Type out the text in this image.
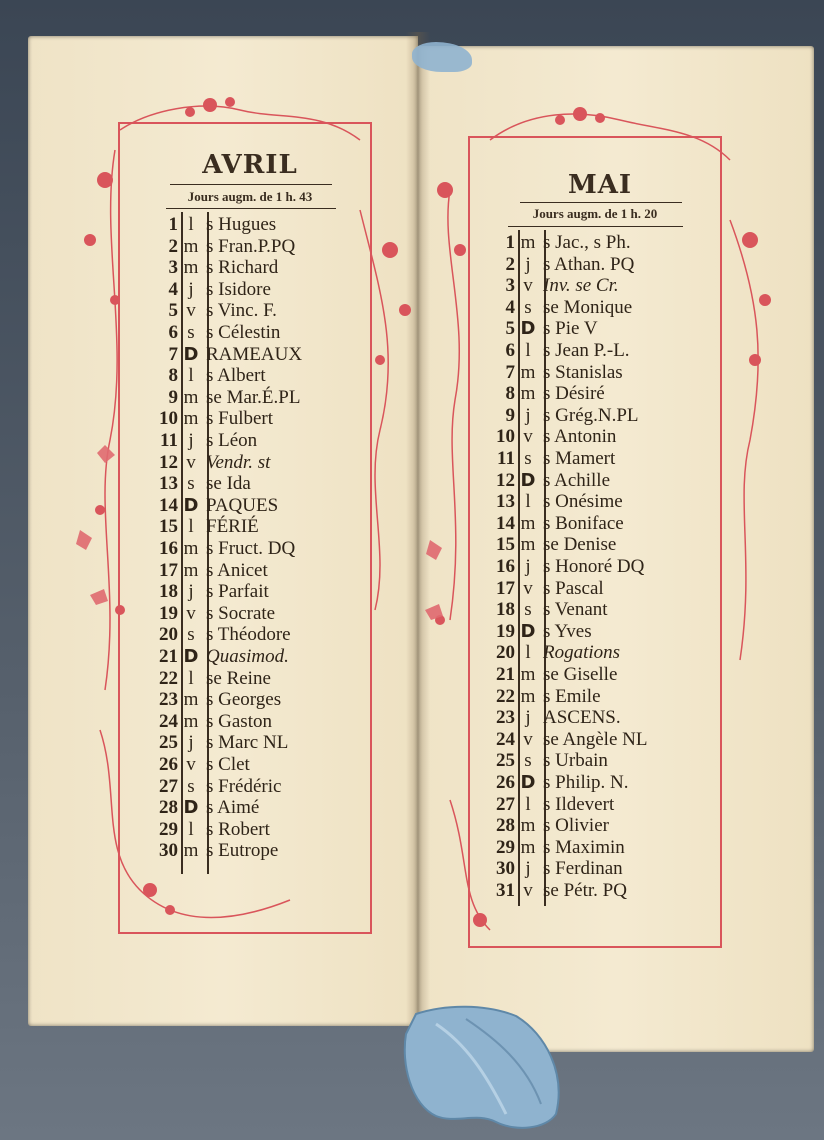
AVRIL
Jours augm. de 1 h. 43	MAI
Jours augm. de 1 h. 20
1 l s Hugues
2 m s Fran.P.PQ
3 m s Richard
4 j s Isidore
5 v s Vinc. F.
6 s s Célestin
7 D RAMEAUX
8 l s Albert
9 m se Mar.É.PL
10 m s Fulbert
11 j s Léon
12 v Vendr. st
13 s se Ida
14 D PAQUES
15 l FÉRIÉ
16 m s Fruct. DQ
17 m s Anicet
18 j s Parfait
19 v s Socrate
20 s s Théodore
21 D Quasimod.
22 l se Reine
23 m s Georges
24 m s Gaston
25 j s Marc NL
26 v s Clet
27 s s Frédéric
28 D s Aimé
29 l s Robert
30 m s Eutrope
1 m s Jac., s Ph.
2 j s Athan. PQ
3 v Inv. se Cr.
4 s se Monique
5 D s Pie V
6 l s Jean P.-L.
7 m s Stanislas
8 m s Désiré
9 j s Grég.N.PL
10 v s Antonin
11 s s Mamert
12 D s Achille
13 l s Onésime
14 m s Boniface
15 m se Denise
16 j s Honoré DQ
17 v s Pascal
18 s s Venant
19 D s Yves
20 l Rogations
21 m se Giselle
22 m s Emile
23 j ASCENS.
24 v se Angèle NL
25 s s Urbain
26 D s Philip. N.
27 l s Ildevert
28 m s Olivier
29 m s Maximin
30 j s Ferdinan
31 v se Pétr. PQ
